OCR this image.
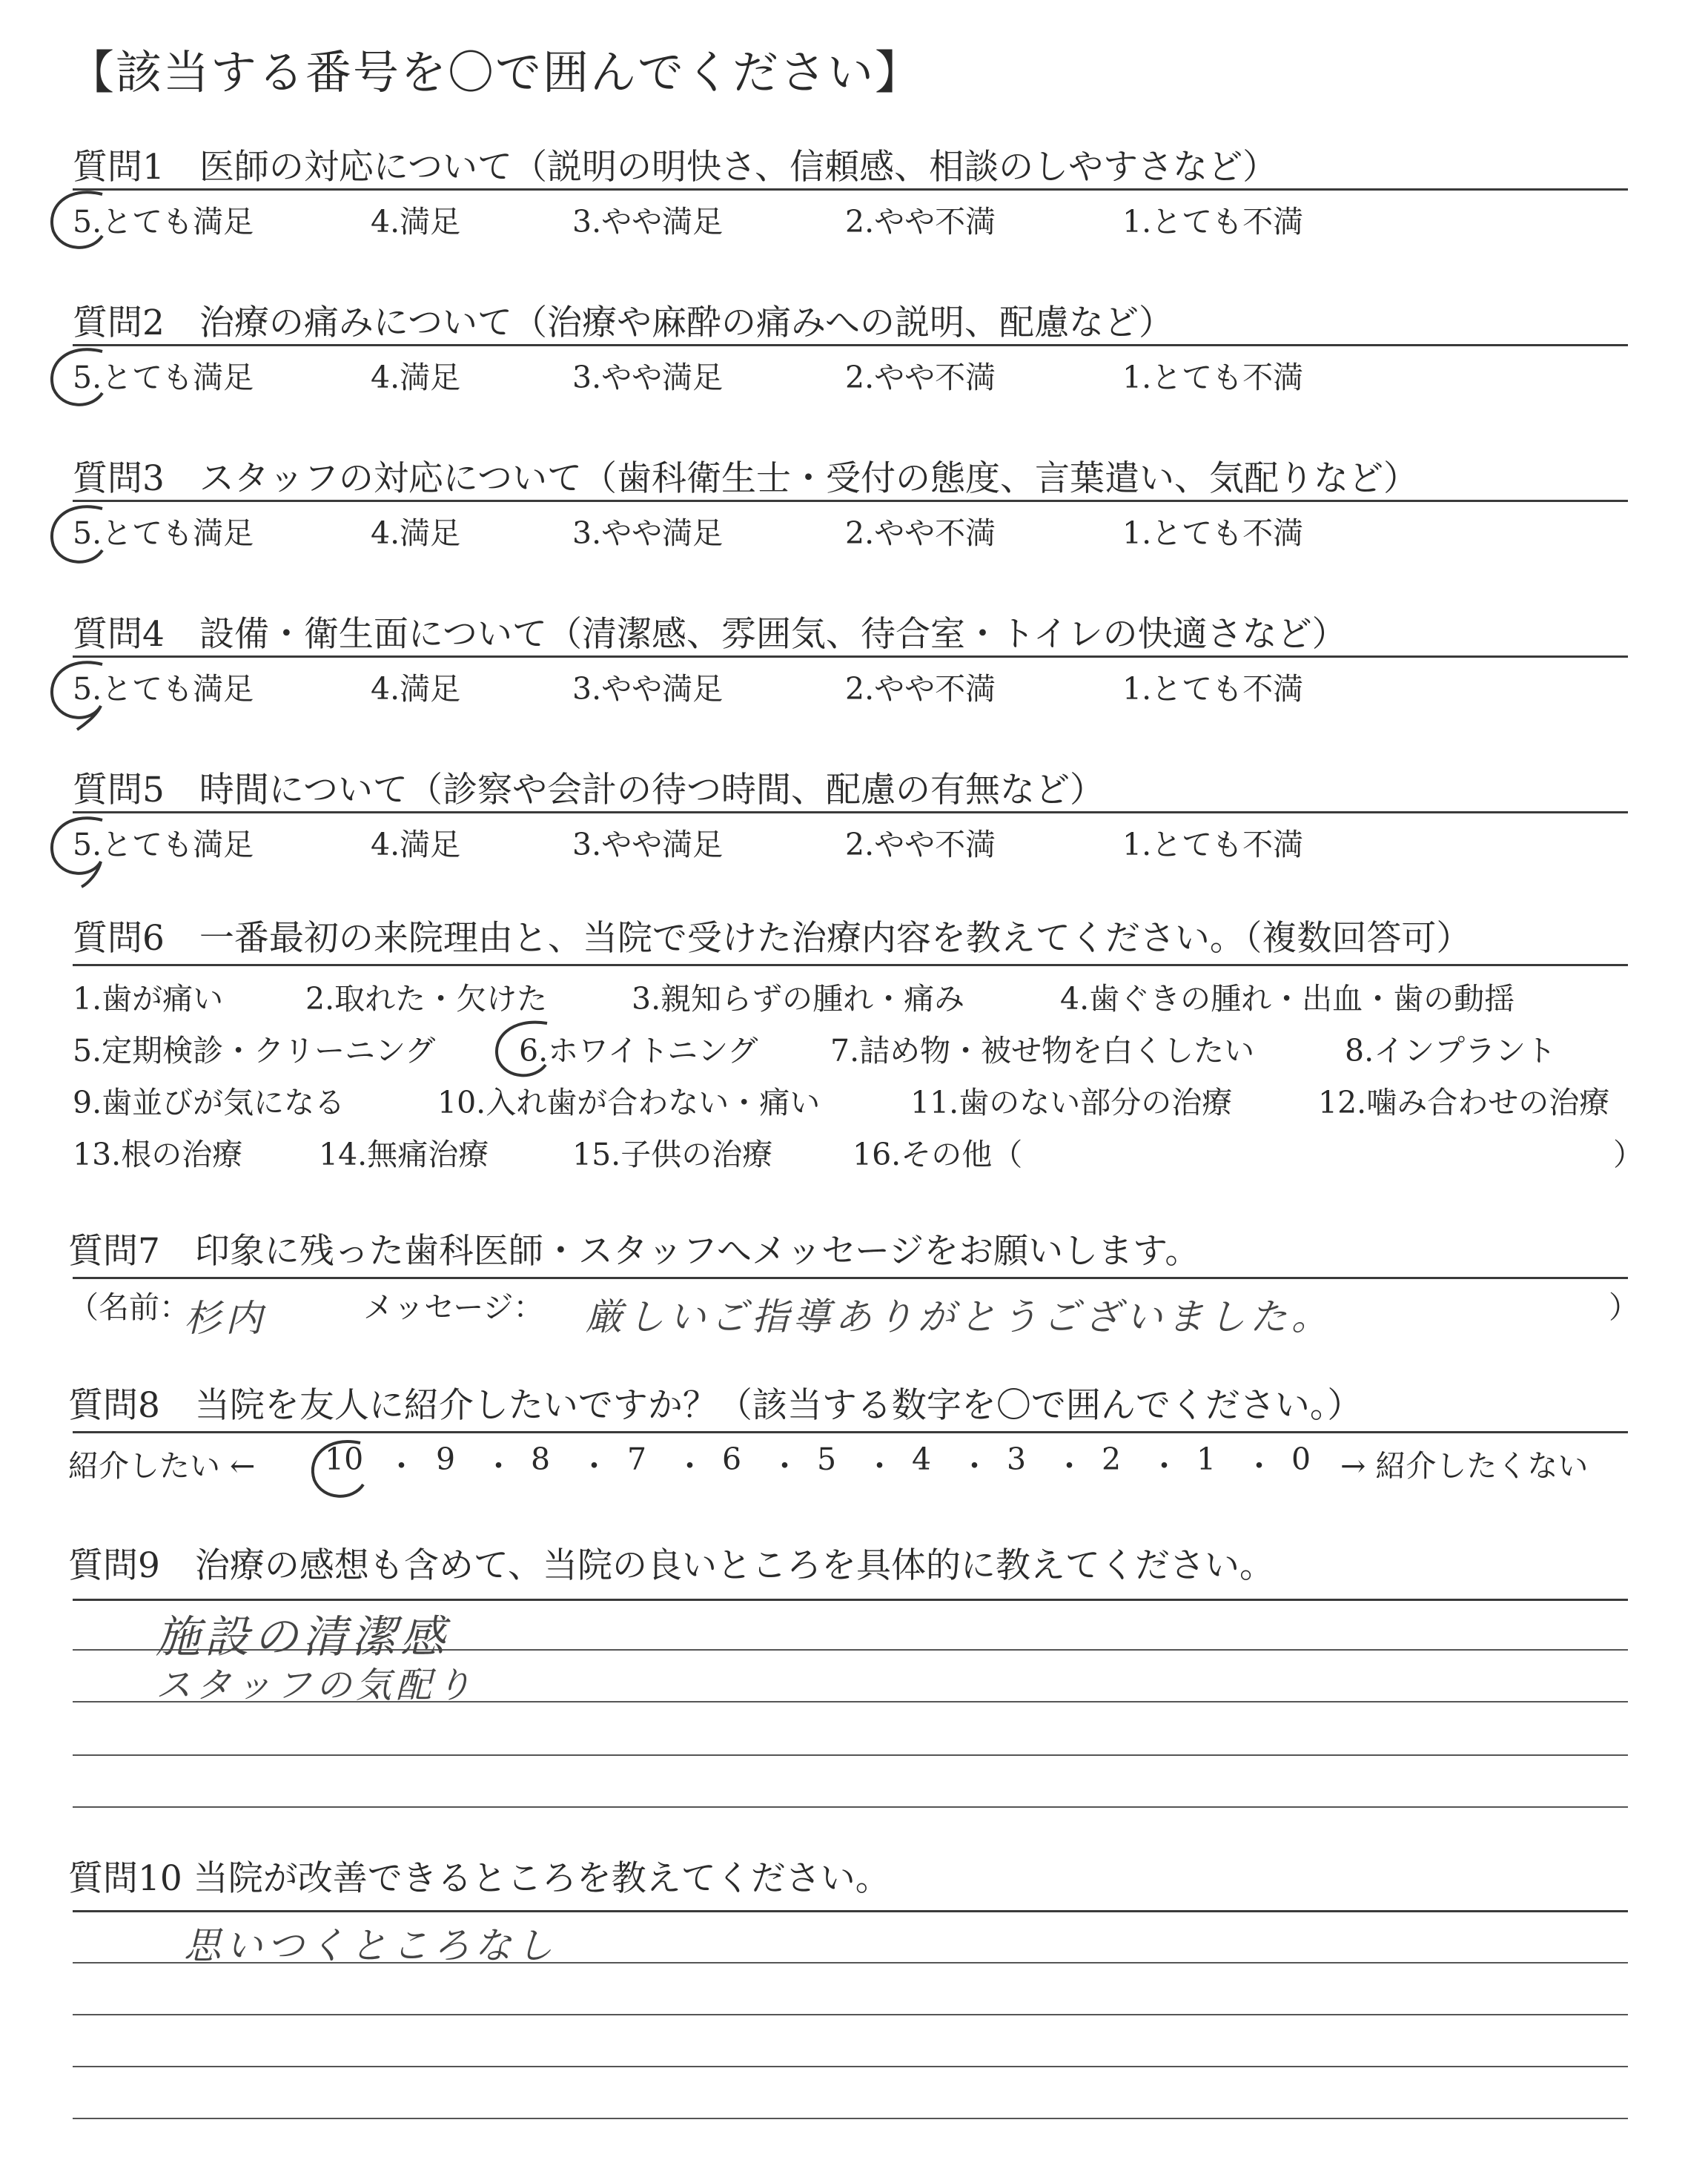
【該当する番号を〇で囲んでください】
質問1　医師の対応について（説明の明快さ、信頼感、相談のしやすさなど）
5.とても満足	4.満足	3.やや満足	2.やや不満	1.とても不満
質問2　治療の痛みについて（治療や麻酔の痛みへの説明、配慮など）
5.とても満足	4.満足	3.やや満足	2.やや不満	1.とても不満
質問3　スタッフの対応について（歯科衛生士・受付の態度、言葉遣い、気配りなど）
5.とても満足	4.満足	3.やや満足	2.やや不満	1.とても不満
質問4　設備・衛生面について（清潔感、雰囲気、待合室・トイレの快適さなど）
5.とても満足	4.満足	3.やや満足	2.やや不満	1.とても不満
質問5　時間について（診察や会計の待つ時間、配慮の有無など）
5.とても満足	4.満足	3.やや満足	2.やや不満	1.とても不満
質問6　一番最初の来院理由と、当院で受けた治療内容を教えてください。（複数回答可）
1.歯が痛い	2.取れた・欠けた	3.親知らずの腫れ・痛み	4.歯ぐきの腫れ・出血・歯の動揺
5.定期検診・クリーニング	6.ホワイトニング 7.詰め物・被せ物を白くしたい	8.インプラント
9.歯並びが気になる	10.入れ歯が合わない・痛い	11.歯のない部分の治療	12.噛み合わせの治療
13.根の治療	14.無痛治療	15.子供の治療	16.その他（	）
質問7　印象に残った歯科医師・スタッフへメッセージをお願いします。
（名前：
杉内	メッセージ： 厳しいご指導ありがとうございました。	）
質問8　当院を友人に紹介したいですか？（該当する数字を〇で囲んでください。）
紹介したい ← 10 ・ 9 ・ 8 ・ 7 ・ 6 ・ 5 ・ 4 ・ 3 ・ 2 ・ 1 ・ 0 → 紹介したくない
質問9　治療の感想も含めて、当院の良いところを具体的に教えてください。
施設の清潔感
スタッフの気配り
質問10 当院が改善できるところを教えてください。
思いつくところなし
